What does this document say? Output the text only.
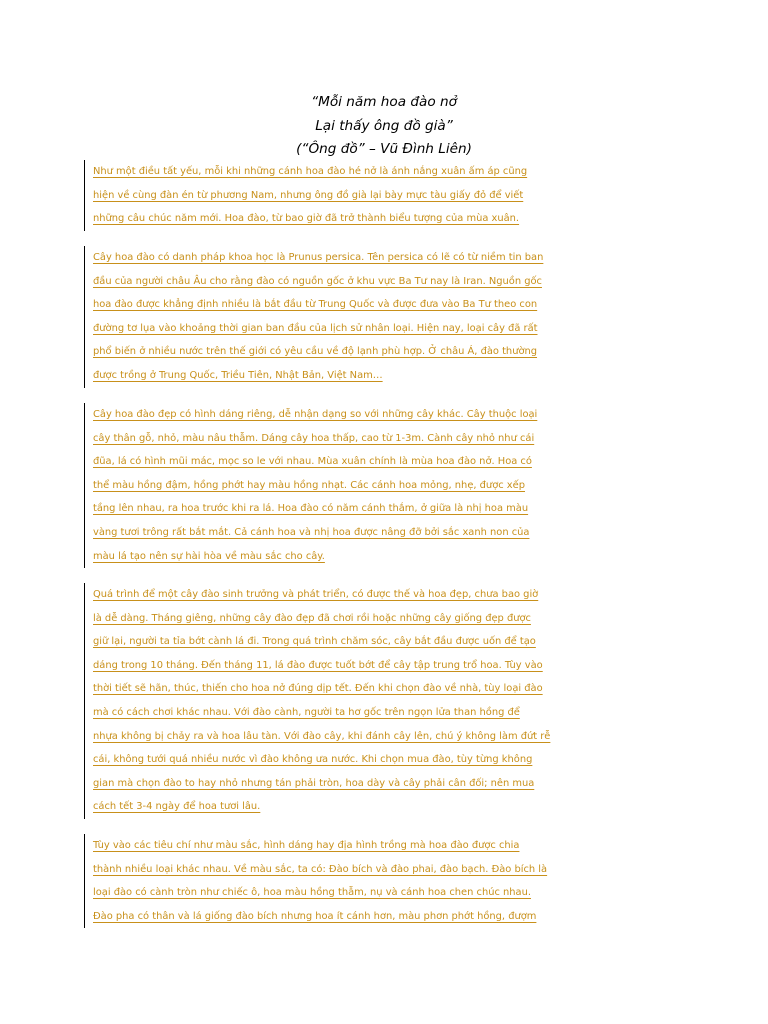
“Mỗi năm hoa đào nở
Lại thấy ông đồ già”
(“Ông đồ” – Vũ Đình Liên)
Như một điều tất yếu, mỗi khi những cánh hoa đào hé nở là ánh nắng xuân ấm áp cũng
hiện về cùng đàn én từ phương Nam, nhưng ông đồ già lại bày mực tàu giấy đỏ để viết
những câu chúc năm mới. Hoa đào, từ bao giờ đã trở thành biểu tượng của mùa xuân.
Cây hoa đào có danh pháp khoa học là Prunus persica. Tên persica có lẽ có từ niềm tin ban
đầu của người châu Âu cho rằng đào có nguồn gốc ở khu vực Ba Tư nay là Iran. Nguồn gốc
hoa đào được khẳng định nhiều là bắt đầu từ Trung Quốc và được đưa vào Ba Tư theo con
đường tơ lụa vào khoảng thời gian ban đầu của lịch sử nhân loại. Hiện nay, loại cây đã rất
phổ biến ở nhiều nước trên thế giới có yêu cầu về độ lạnh phù hợp. Ở châu Á, đào thường
được trồng ở Trung Quốc, Triều Tiên, Nhật Bản, Việt Nam…
Cây hoa đào đẹp có hình dáng riêng, dễ nhận dạng so với những cây khác. Cây thuộc loại
cây thân gỗ, nhỏ, màu nâu thẫm. Dáng cây hoa thấp, cao từ 1-3m. Cành cây nhỏ như cái
đũa, lá có hình mũi mác, mọc so le với nhau. Mùa xuân chính là mùa hoa đào nở. Hoa có
thể màu hồng đậm, hồng phớt hay màu hồng nhạt. Các cánh hoa mỏng, nhẹ, được xếp
tầng lên nhau, ra hoa trước khi ra lá. Hoa đào có năm cánh thắm, ở giữa là nhị hoa màu
vàng tươi trông rất bắt mắt. Cả cánh hoa và nhị hoa được nâng đỡ bởi sắc xanh non của
màu lá tạo nên sự hài hòa về màu sắc cho cây.
Quá trình để một cây đào sinh trưởng và phát triển, có được thế và hoa đẹp, chưa bao giờ
là dễ dàng. Tháng giêng, những cây đào đẹp đã chơi rồi hoặc những cây giống đẹp được
giữ lại, người ta tỉa bớt cành lá đi. Trong quá trình chăm sóc, cây bắt đầu được uốn để tạo
dáng trong 10 tháng. Đến tháng 11, lá đào được tuốt bớt để cây tập trung trổ hoa. Tùy vào
thời tiết sẽ hãn, thúc, thiến cho hoa nở đúng dịp tết. Đến khi chọn đào về nhà, tùy loại đào
mà có cách chơi khác nhau. Với đào cành, người ta hơ gốc trên ngọn lửa than hồng để
nhựa không bị chảy ra và hoa lâu tàn. Với đào cây, khi đánh cây lên, chú ý không làm đứt rễ
cái, không tưới quá nhiều nước vì đào không ưa nước. Khi chọn mua đào, tùy từng không
gian mà chọn đào to hay nhỏ nhưng tán phải tròn, hoa dày và cây phải cân đối; nên mua
cách tết 3-4 ngày để hoa tươi lâu.
Tùy vào các tiêu chí như màu sắc, hình dáng hay địa hình trồng mà hoa đào được chia
thành nhiều loại khác nhau. Về màu sắc, ta có: Đào bích và đào phai, đào bạch. Đào bích là
loại đào có cành tròn như chiếc ô, hoa màu hồng thẫm, nụ và cánh hoa chen chúc nhau.
Đào pha có thân và lá giống đào bích nhưng hoa ít cánh hơn, màu phơn phớt hồng, đượm
